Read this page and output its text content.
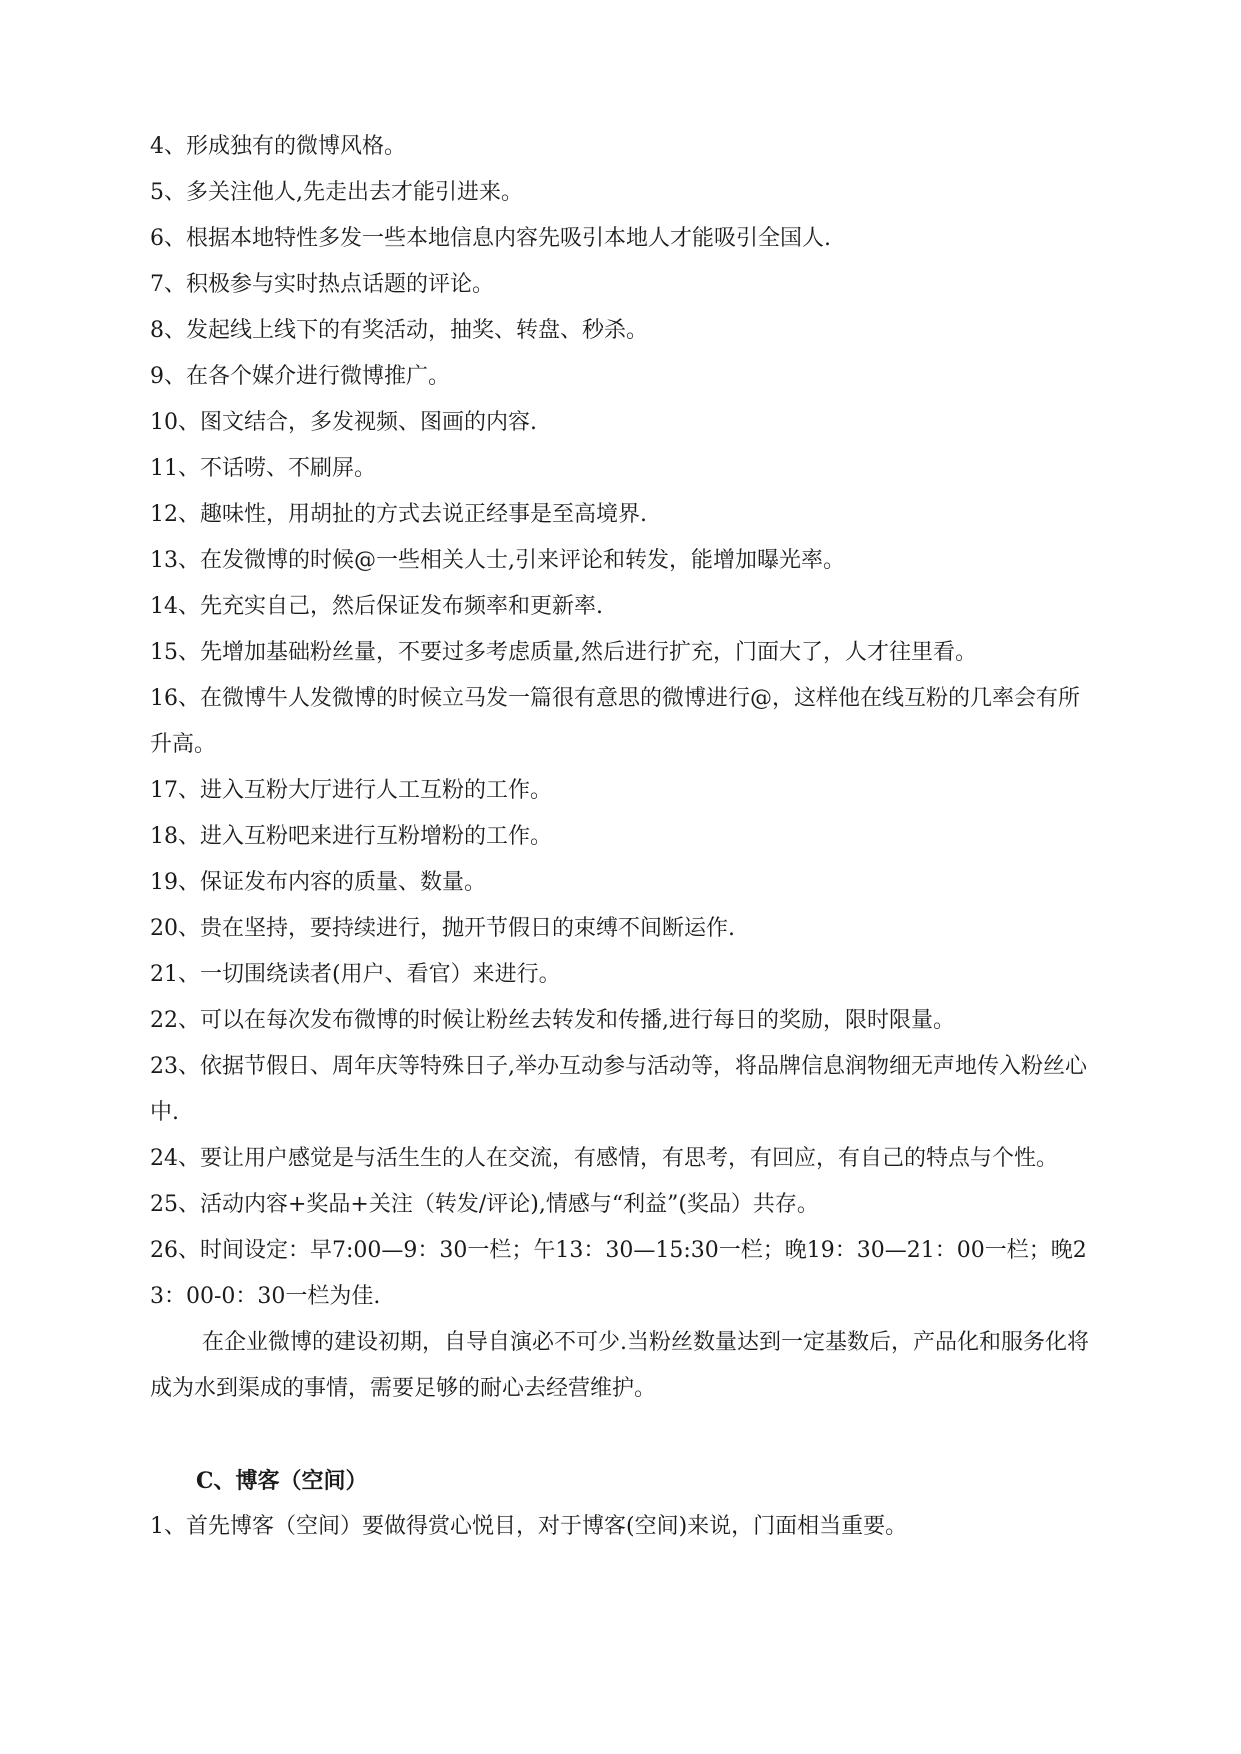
4、形成独有的微博风格。

5、多关注他人,先走出去才能引进来。

6、根据本地特性多发一些本地信息内容先吸引本地人才能吸引全国人.

7、积极参与实时热点话题的评论。

8、发起线上线下的有奖活动，抽奖、转盘、秒杀。

9、在各个媒介进行微博推广。

10、图文结合，多发视频、图画的内容.

11、不话唠、不刷屏。

12、趣味性，用胡扯的方式去说正经事是至高境界.

13、在发微博的时候@一些相关人士,引来评论和转发，能增加曝光率。

14、先充实自己，然后保证发布频率和更新率.

15、先增加基础粉丝量，不要过多考虑质量,然后进行扩充，门面大了，人才往里看。

16、在微博牛人发微博的时候立马发一篇很有意思的微博进行@，这样他在线互粉的几率会有所升高。

17、进入互粉大厅进行人工互粉的工作。

18、进入互粉吧来进行互粉增粉的工作。

19、保证发布内容的质量、数量。

20、贵在坚持，要持续进行，抛开节假日的束缚不间断运作.

21、一切围绕读者(用户、看官）来进行。

22、可以在每次发布微博的时候让粉丝去转发和传播,进行每日的奖励，限时限量。

23、依据节假日、周年庆等特殊日子,举办互动参与活动等，将品牌信息润物细无声地传入粉丝心中.

24、要让用户感觉是与活生生的人在交流，有感情，有思考，有回应，有自己的特点与个性。

25、活动内容+奖品+关注（转发/评论),情感与“利益”(奖品）共存。

26、时间设定：早7:00—9：30一栏；午13：30—15:30一栏；晚19：30—21：00一栏；晚23：00-0：30一栏为佳.

在企业微博的建设初期，自导自演必不可少.当粉丝数量达到一定基数后，产品化和服务化将成为水到渠成的事情，需要足够的耐心去经营维护。

C、博客（空间）

1、首先博客（空间）要做得赏心悦目，对于博客(空间)来说，门面相当重要。
